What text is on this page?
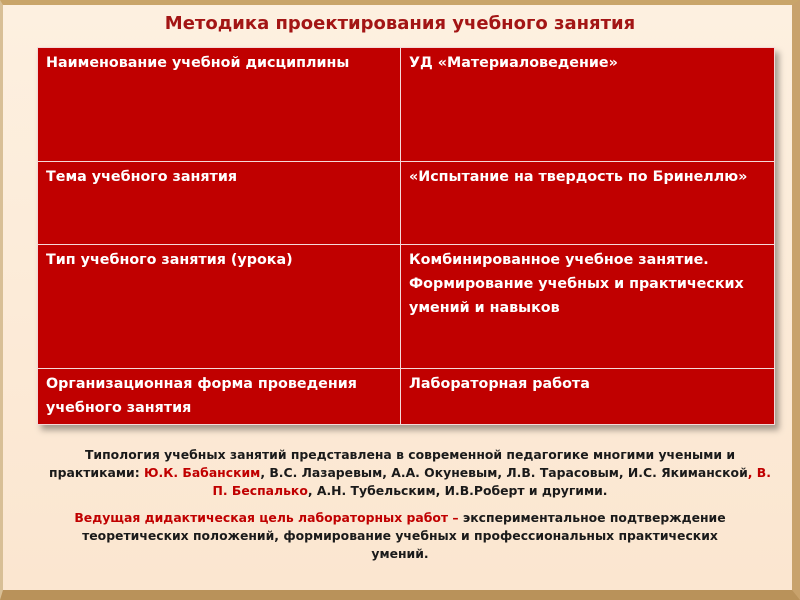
Методика проектирования учебного занятия
Наименование учебной дисциплины	УД «Материаловедение»
Тема учебного занятия	«Испытание на твердость по Бринеллю»
Тип учебного занятия (урока)	Комбинированное учебное занятие.
Формирование учебных и практических умений и навыков

Организационная форма проведения учебного занятия	Лабораторная работа
Типология учебных занятий представлена в современной педагогике многими учеными и практиками: Ю.К. Бабанским, В.С. Лазаревым, А.А. Окуневым, Л.В. Тарасовым, И.С. Якиманской, В. П. Беспалько, А.Н. Тубельским, И.В.Роберт и другими.
Ведущая дидактическая цель лабораторных работ – экспериментальное подтверждение теоретических положений, формирование учебных и профессиональных практических умений.
